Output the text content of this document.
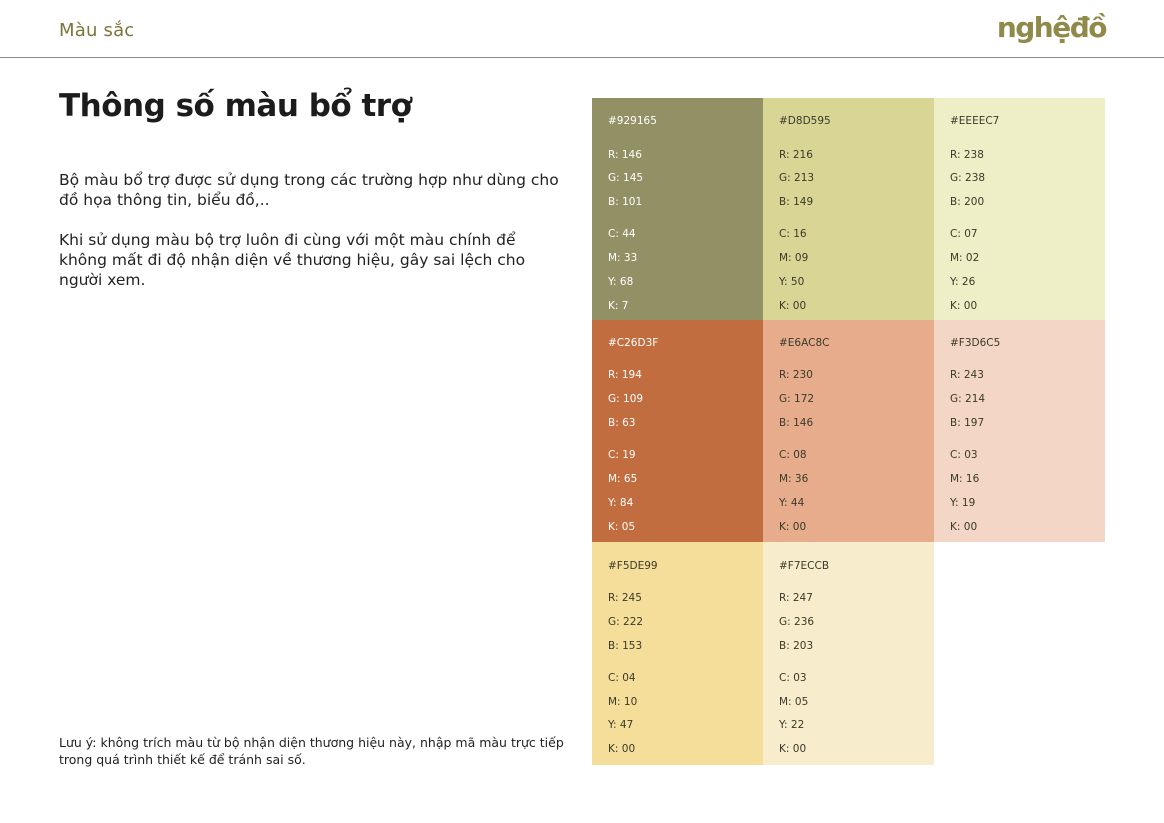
Màu sắc	nghệđồ
Thông số màu bổ trợ

Bộ màu bổ trợ được sử dụng trong các trường hợp như dùng cho đồ họa thông tin, biểu đồ,..

Khi sử dụng màu bộ trợ luôn đi cùng với một màu chính để không mất đi độ nhận diện về thương hiệu, gây sai lệch cho người xem.

Lưu ý: không trích màu từ bộ nhận diện thương hiệu này, nhập mã màu trực tiếp trong quá trình thiết kế để tránh sai số.

#929165
R: 146
G: 145
B: 101
C: 44
M: 33
Y: 68
K: 7
#D8D595
R: 216
G: 213
B: 149
C: 16
M: 09
Y: 50
K: 00
#EEEEC7
R: 238
G: 238
B: 200
C: 07
M: 02
Y: 26
K: 00
#C26D3F
R: 194
G: 109
B: 63
C: 19
M: 65
Y: 84
K: 05
#E6AC8C
R: 230
G: 172
B: 146
C: 08
M: 36
Y: 44
K: 00
#F3D6C5
R: 243
G: 214
B: 197
C: 03
M: 16
Y: 19
K: 00
#F5DE99
R: 245
G: 222
B: 153
C: 04
M: 10
Y: 47
K: 00
#F7ECCB
R: 247
G: 236
B: 203
C: 03
M: 05
Y: 22
K: 00
